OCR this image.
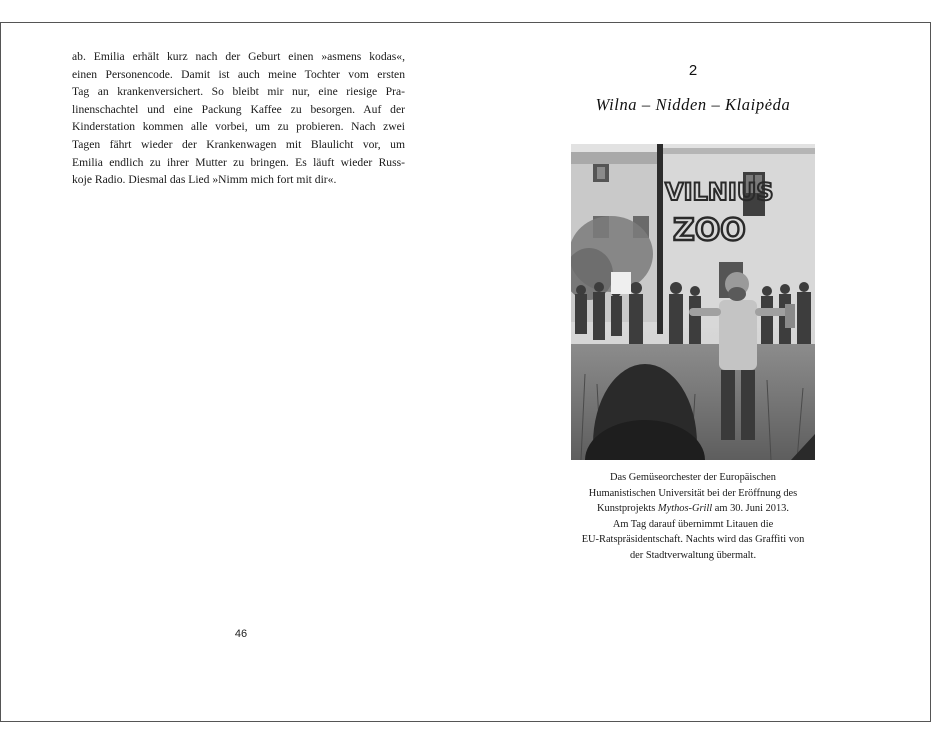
ab. Emilia erhält kurz nach der Geburt einen »asmens kodas«,
einen Personencode. Damit ist auch meine Tochter vom ersten
Tag an krankenversichert. So bleibt mir nur, eine riesige Pra-
linenschachtel und eine Packung Kaffee zu besorgen. Auf der
Kinderstation kommen alle vorbei, um zu probieren. Nach zwei
Tagen fährt wieder der Krankenwagen mit Blaulicht vor, um
Emilia endlich zu ihrer Mutter zu bringen. Es läuft wieder Russ-
koje Radio. Diesmal das Lied »Nimm mich fort mit dir«.

46
2
Wilna – Nidden – Klaipėda
VILNIUS
ZOO
Das Gemüseorchester der Europäischen
Humanistischen Universität bei der Eröffnung des
Kunstprojekts Mythos-Grill am 30. Juni 2013.
Am Tag darauf übernimmt Litauen die
EU-Ratspräsidentschaft. Nachts wird das Graffiti von
der Stadtverwaltung übermalt.
